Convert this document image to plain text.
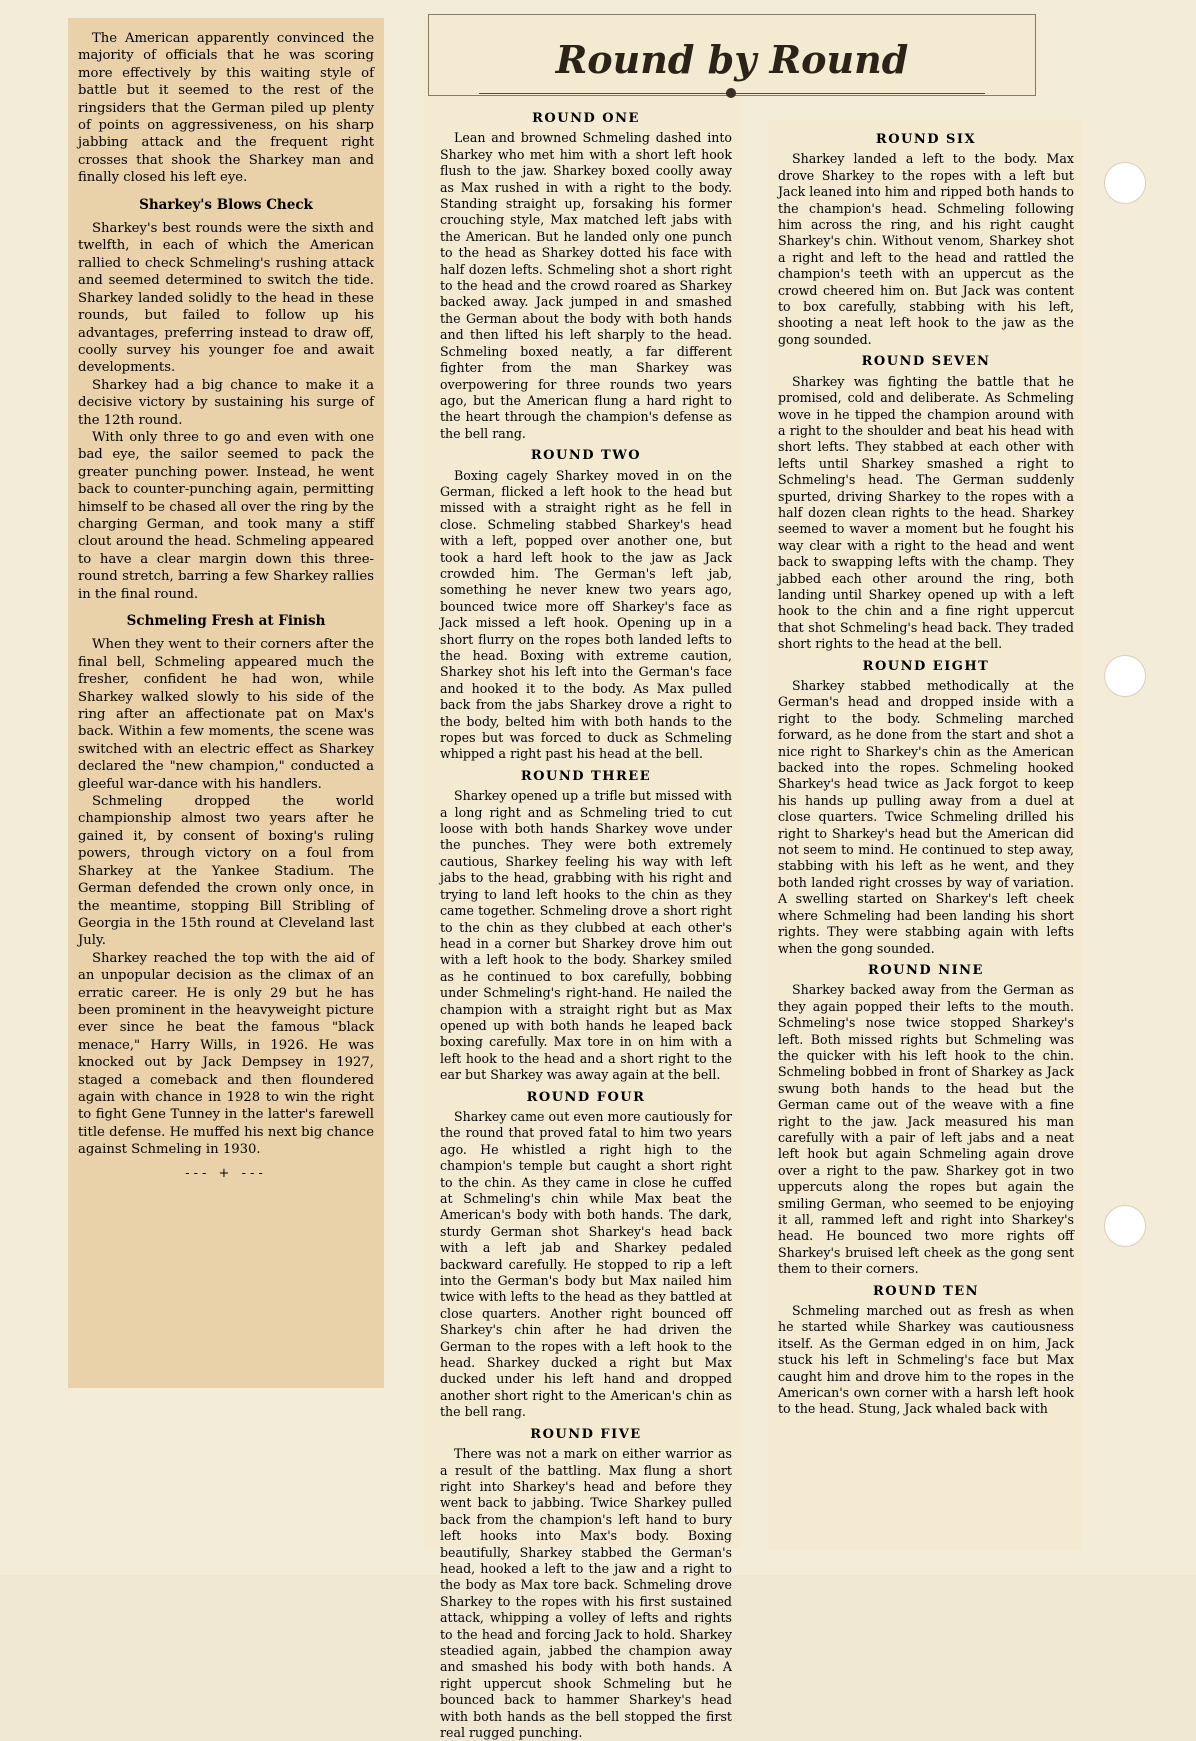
Round by Round

The American apparently convinced the majority of officials that he was scoring more effectively by this waiting style of battle but it seemed to the rest of the ringsiders that the German piled up plenty of points on aggressiveness, on his sharp jabbing attack and the frequent right crosses that shook the Sharkey man and finally closed his left eye.

Sharkey's Blows Check

Sharkey's best rounds were the sixth and twelfth, in each of which the American rallied to check Schmeling's rushing attack and seemed determined to switch the tide. Sharkey landed solidly to the head in these rounds, but failed to follow up his advantages, preferring instead to draw off, coolly survey his younger foe and await developments.

Sharkey had a big chance to make it a decisive victory by sustaining his surge of the 12th round.

With only three to go and even with one bad eye, the sailor seemed to pack the greater punching power. Instead, he went back to counter-punching again, permitting himself to be chased all over the ring by the charging German, and took many a stiff clout around the head. Schmeling appeared to have a clear margin down this three-round stretch, barring a few Sharkey rallies in the final round.

Schmeling Fresh at Finish

When they went to their corners after the final bell, Schmeling appeared much the fresher, confident he had won, while Sharkey walked slowly to his side of the ring after an affectionate pat on Max's back. Within a few moments, the scene was switched with an electric effect as Sharkey declared the "new champion," conducted a gleeful war-dance with his handlers.

Schmeling dropped the world championship almost two years after he gained it, by consent of boxing's ruling powers, through victory on a foul from Sharkey at the Yankee Stadium. The German defended the crown only once, in the meantime, stopping Bill Stribling of Georgia in the 15th round at Cleveland last July.

Sharkey reached the top with the aid of an unpopular decision as the climax of an erratic career. He is only 29 but he has been prominent in the heavyweight picture ever since he beat the famous "black menace," Harry Wills, in 1926. He was knocked out by Jack Dempsey in 1927, staged a comeback and then floundered again with chance in 1928 to win the right to fight Gene Tunney in the latter's farewell title defense. He muffed his next big chance against Schmeling in 1930.

--- + ---
ROUND ONE

Lean and browned Schmeling dashed into Sharkey who met him with a short left hook flush to the jaw. Sharkey boxed coolly away as Max rushed in with a right to the body. Standing straight up, forsaking his former crouching style, Max matched left jabs with the American. But he landed only one punch to the head as Sharkey dotted his face with half dozen lefts. Schmeling shot a short right to the head and the crowd roared as Sharkey backed away. Jack jumped in and smashed the German about the body with both hands and then lifted his left sharply to the head. Schmeling boxed neatly, a far different fighter from the man Sharkey was overpowering for three rounds two years ago, but the American flung a hard right to the heart through the champion's defense as the bell rang.

ROUND TWO

Boxing cagely Sharkey moved in on the German, flicked a left hook to the head but missed with a straight right as he fell in close. Schmeling stabbed Sharkey's head with a left, popped over another one, but took a hard left hook to the jaw as Jack crowded him. The German's left jab, something he never knew two years ago, bounced twice more off Sharkey's face as Jack missed a left hook. Opening up in a short flurry on the ropes both landed lefts to the head. Boxing with extreme caution, Sharkey shot his left into the German's face and hooked it to the body. As Max pulled back from the jabs Sharkey drove a right to the body, belted him with both hands to the ropes but was forced to duck as Schmeling whipped a right past his head at the bell.

ROUND THREE

Sharkey opened up a trifle but missed with a long right and as Schmeling tried to cut loose with both hands Sharkey wove under the punches. They were both extremely cautious, Sharkey feeling his way with left jabs to the head, grabbing with his right and trying to land left hooks to the chin as they came together. Schmeling drove a short right to the chin as they clubbed at each other's head in a corner but Sharkey drove him out with a left hook to the body. Sharkey smiled as he continued to box carefully, bobbing under Schmeling's right-hand. He nailed the champion with a straight right but as Max opened up with both hands he leaped back boxing carefully. Max tore in on him with a left hook to the head and a short right to the ear but Sharkey was away again at the bell.

ROUND FOUR

Sharkey came out even more cautiously for the round that proved fatal to him two years ago. He whistled a right high to the champion's temple but caught a short right to the chin. As they came in close he cuffed at Schmeling's chin while Max beat the American's body with both hands. The dark, sturdy German shot Sharkey's head back with a left jab and Sharkey pedaled backward carefully. He stopped to rip a left into the German's body but Max nailed him twice with lefts to the head as they battled at close quarters. Another right bounced off Sharkey's chin after he had driven the German to the ropes with a left hook to the head. Sharkey ducked a right but Max ducked under his left hand and dropped another short right to the American's chin as the bell rang.

ROUND FIVE

There was not a mark on either warrior as a result of the battling. Max flung a short right into Sharkey's head and before they went back to jabbing. Twice Sharkey pulled back from the champion's left hand to bury left hooks into Max's body. Boxing beautifully, Sharkey stabbed the German's head, hooked a left to the jaw and a right to the body as Max tore back. Schmeling drove Sharkey to the ropes with his first sustained attack, whipping a volley of lefts and rights to the head and forcing Jack to hold. Sharkey steadied again, jabbed the champion away and smashed his body with both hands. A right uppercut shook Schmeling but he bounced back to hammer Sharkey's head with both hands as the bell stopped the first real rugged punching.

ROUND SIX

Sharkey landed a left to the body. Max drove Sharkey to the ropes with a left but Jack leaned into him and ripped both hands to the champion's head. Schmeling following him across the ring, and his right caught Sharkey's chin. Without venom, Sharkey shot a right and left to the head and rattled the champion's teeth with an uppercut as the crowd cheered him on. But Jack was content to box carefully, stabbing with his left, shooting a neat left hook to the jaw as the gong sounded.

ROUND SEVEN

Sharkey was fighting the battle that he promised, cold and deliberate. As Schmeling wove in he tipped the champion around with a right to the shoulder and beat his head with short lefts. They stabbed at each other with lefts until Sharkey smashed a right to Schmeling's head. The German suddenly spurted, driving Sharkey to the ropes with a half dozen clean rights to the head. Sharkey seemed to waver a moment but he fought his way clear with a right to the head and went back to swapping lefts with the champ. They jabbed each other around the ring, both landing until Sharkey opened up with a left hook to the chin and a fine right uppercut that shot Schmeling's head back. They traded short rights to the head at the bell.

ROUND EIGHT

Sharkey stabbed methodically at the German's head and dropped inside with a right to the body. Schmeling marched forward, as he done from the start and shot a nice right to Sharkey's chin as the American backed into the ropes. Schmeling hooked Sharkey's head twice as Jack forgot to keep his hands up pulling away from a duel at close quarters. Twice Schmeling drilled his right to Sharkey's head but the American did not seem to mind. He continued to step away, stabbing with his left as he went, and they both landed right crosses by way of variation. A swelling started on Sharkey's left cheek where Schmeling had been landing his short rights. They were stabbing again with lefts when the gong sounded.

ROUND NINE

Sharkey backed away from the German as they again popped their lefts to the mouth. Schmeling's nose twice stopped Sharkey's left. Both missed rights but Schmeling was the quicker with his left hook to the chin. Schmeling bobbed in front of Sharkey as Jack swung both hands to the head but the German came out of the weave with a fine right to the jaw. Jack measured his man carefully with a pair of left jabs and a neat left hook but again Schmeling again drove over a right to the paw. Sharkey got in two uppercuts along the ropes but again the smiling German, who seemed to be enjoying it all, rammed left and right into Sharkey's head. He bounced two more rights off Sharkey's bruised left cheek as the gong sent them to their corners.

ROUND TEN

Schmeling marched out as fresh as when he started while Sharkey was cautiousness itself. As the German edged in on him, Jack stuck his left in Schmeling's face but Max caught him and drove him to the ropes in the American's own corner with a harsh left hook to the head. Stung, Jack whaled back with
